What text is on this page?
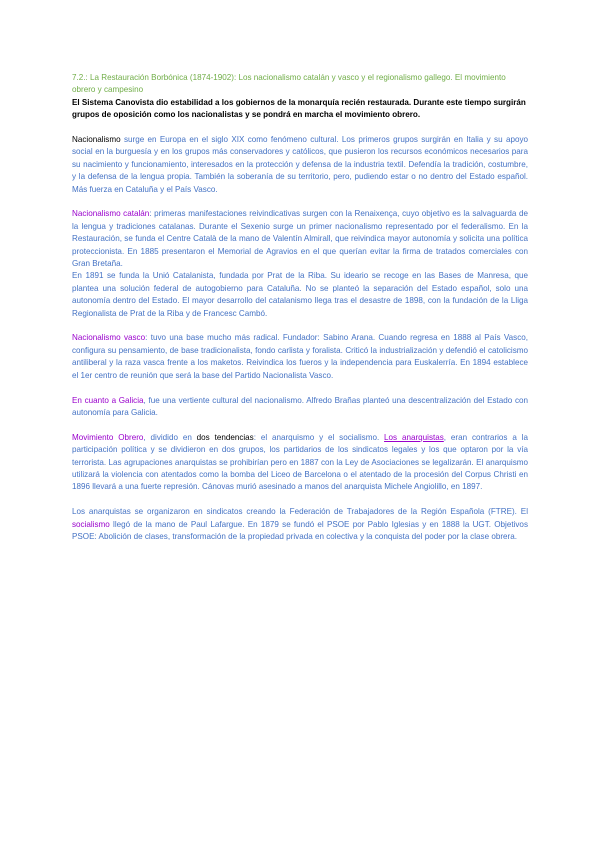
7.2.: La Restauración Borbónica (1874-1902): Los nacionalismo catalán y vasco y el regionalismo gallego. El movimiento obrero y campesino

El Sistema Canovista dio estabilidad a los gobiernos de la monarquía recién restaurada. Durante este tiempo surgirán grupos de oposición como los nacionalistas y se pondrá en marcha el movimiento obrero.

Nacionalismo surge en Europa en el siglo XIX como fenómeno cultural. Los primeros grupos surgirán en Italia y su apoyo social en la burguesía y en los grupos más conservadores y católicos, que pusieron los recursos económicos necesarios para su nacimiento y funcionamiento, interesados en la protección y defensa de la industria textil. Defendía la tradición, costumbre, y la defensa de la lengua propia. También la soberanía de su territorio, pero, pudiendo estar o no dentro del Estado español. Más fuerza en Cataluña y el País Vasco.

Nacionalismo catalán: primeras manifestaciones reivindicativas surgen con la Renaixença, cuyo objetivo es la salvaguarda de la lengua y tradiciones catalanas. Durante el Sexenio surge un primer nacionalismo representado por el federalismo. En la Restauración, se funda el Centre Català de la mano de Valentín Almirall, que reivindica mayor autonomía y solicita una política proteccionista. En 1885 presentaron el Memorial de Agravios en el que querían evitar la firma de tratados comerciales con Gran Bretaña.

En 1891 se funda la Unió Catalanista, fundada por Prat de la Riba. Su ideario se recoge en las Bases de Manresa, que plantea una solución federal de autogobierno para Cataluña. No se planteó la separación del Estado español, solo una autonomía dentro del Estado. El mayor desarrollo del catalanismo llega tras el desastre de 1898, con la fundación de la Lliga Regionalista de Prat de la Riba y de Francesc Cambó.

Nacionalismo vasco: tuvo una base mucho más radical. Fundador: Sabino Arana. Cuando regresa en 1888 al País Vasco, configura su pensamiento, de base tradicionalista, fondo carlista y foralista. Criticó la industrialización y defendió el catolicismo antiliberal y la raza vasca frente a los maketos. Reivindica los fueros y la independencia para Euskalerría. En 1894 establece el 1er centro de reunión que será la base del Partido Nacionalista Vasco.

En cuanto a Galicia, fue una vertiente cultural del nacionalismo. Alfredo Brañas planteó una descentralización del Estado con autonomía para Galicia.

Movimiento Obrero, dividido en dos tendencias: el anarquismo y el socialismo. Los anarquistas, eran contrarios a la participación política y se dividieron en dos grupos, los partidarios de los sindicatos legales y los que optaron por la vía terrorista. Las agrupaciones anarquistas se prohibirían pero en 1887 con la Ley de Asociaciones se legalizarán. El anarquismo utilizará la violencia con atentados como la bomba del Liceo de Barcelona o el atentado de la procesión del Corpus Christi en 1896 llevará a una fuerte represión. Cánovas murió asesinado a manos del anarquista Michele Angiolillo, en 1897.

Los anarquistas se organizaron en sindicatos creando la Federación de Trabajadores de la Región Española (FTRE). El socialismo llegó de la mano de Paul Lafargue. En 1879 se fundó el PSOE por Pablo Iglesias y en 1888 la UGT. Objetivos PSOE: Abolición de clases, transformación de la propiedad privada en colectiva y la conquista del poder por la clase obrera.
